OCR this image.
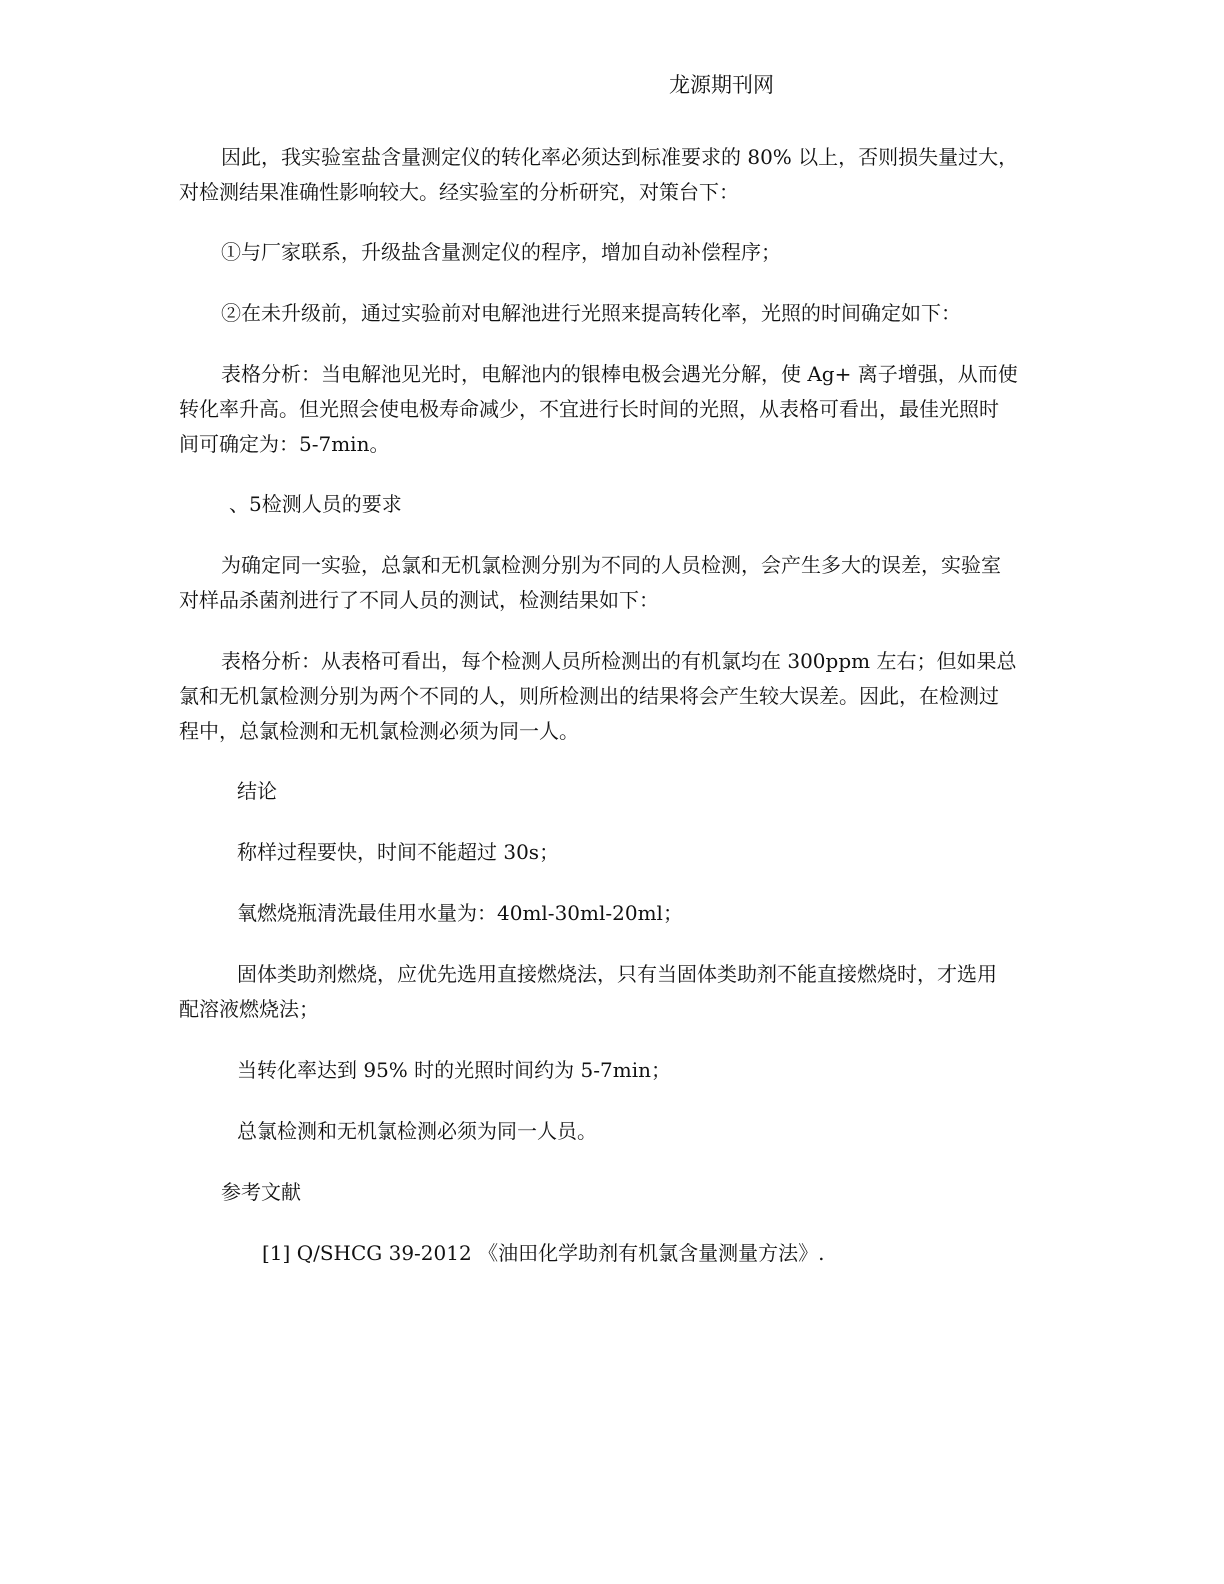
龙源期刊网
因此，我实验室盐含量测定仪的转化率必须达到标准要求的 80% 以上，否则损失量过大，
对检测结果准确性影响较大。经实验室的分析研究，对策台下：
①与厂家联系，升级盐含量测定仪的程序，增加自动补偿程序；
②在未升级前，通过实验前对电解池进行光照来提高转化率，光照的时间确定如下：
表格分析：当电解池见光时，电解池内的银棒电极会遇光分解，使 Ag+ 离子增强，从而使
转化率升高。但光照会使电极寿命减少，不宜进行长时间的光照，从表格可看出，最佳光照时
间可确定为：5-7min。
、5检测人员的要求
为确定同一实验，总氯和无机氯检测分别为不同的人员检测，会产生多大的误差，实验室
对样品杀菌剂进行了不同人员的测试，检测结果如下：
表格分析：从表格可看出，每个检测人员所检测出的有机氯均在 300ppm 左右；但如果总
氯和无机氯检测分别为两个不同的人，则所检测出的结果将会产生较大误差。因此，在检测过
程中，总氯检测和无机氯检测必须为同一人。
结论
称样过程要快，时间不能超过 30s；
氧燃烧瓶清洗最佳用水量为：40ml-30ml-20ml；
固体类助剂燃烧，应优先选用直接燃烧法，只有当固体类助剂不能直接燃烧时，才选用
配溶液燃烧法；
当转化率达到 95% 时的光照时间约为 5-7min；
总氯检测和无机氯检测必须为同一人员。
参考文献
[1] Q/SHCG 39-2012 《油田化学助剂有机氯含量测量方法》.
